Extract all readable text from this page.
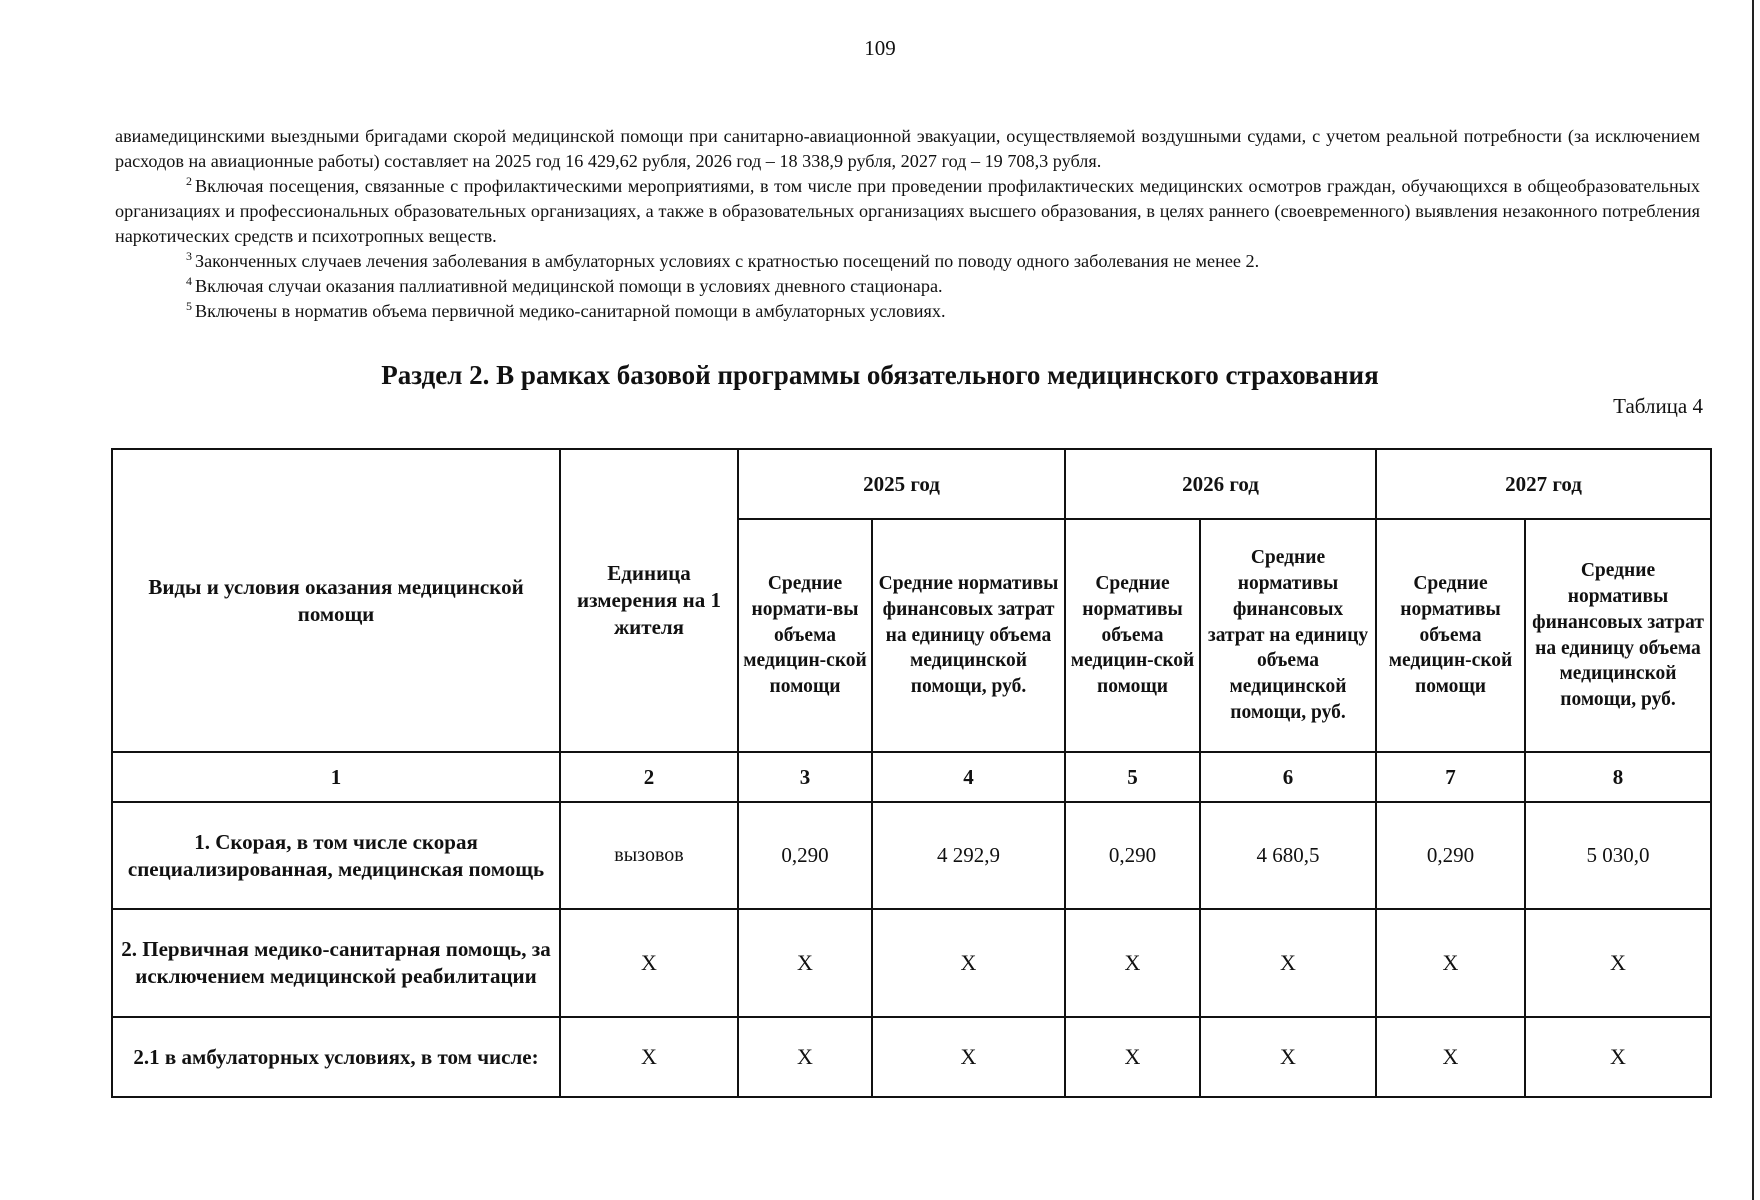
109

авиамедицинскими выездными бригадами скорой медицинской помощи при санитарно-авиационной эвакуации, осуществляемой воздушными судами, с учетом реальной потребности (за исключением расходов на авиационные работы) составляет на 2025 год 16 429,62 рубля, 2026 год – 18 338,9 рубля, 2027 год – 19 708,3 рубля.

$^2$ Включая посещения, связанные с профилактическими мероприятиями, в том числе при проведении профилактических медицинских осмотров граждан, обучающихся в общеобразовательных организациях и профессиональных образовательных организациях, а также в образовательных организациях высшего образования, в целях раннего (своевременного) выявления незаконного потребления наркотических средств и психотропных веществ.

$^3$ Законченных случаев лечения заболевания в амбулаторных условиях с кратностью посещений по поводу одного заболевания не менее 2.

$^4$ Включая случаи оказания паллиативной медицинской помощи в условиях дневного стационара.

$^5$ Включены в норматив объема первичной медико-санитарной помощи в амбулаторных условиях.

Раздел 2. В рамках базовой программы обязательного медицинского страхования
Таблица 4
Виды и условия оказания медицинской помощи	Единица измерения на 1 жителя	2025 год		2026 год		2027 год	
		Средние нормати-вы объема медицин-ской помощи	Средние нормативы финансовых затрат на единицу объема медицинской помощи, руб.	Средние нормативы объема медицин-ской помощи	Средние нормативы финансовых затрат на единицу объема медицинской помощи, руб.	Средние нормативы объема медицин-ской помощи	Средние нормативы финансовых затрат на единицу объема медицинской помощи, руб.
1	2	3	4	5	6	7	8
1. Скорая, в том числе скорая специализированная, медицинская помощь	вызовов	0,290	4 292,9	0,290	4 680,5	0,290	5 030,0
2. Первичная медико-санитарная помощь, за исключением медицинской реабилитации	X	X	X	X	X	X	X
2.1 в амбулаторных условиях, в том числе:	X	X	X	X	X	X	X
